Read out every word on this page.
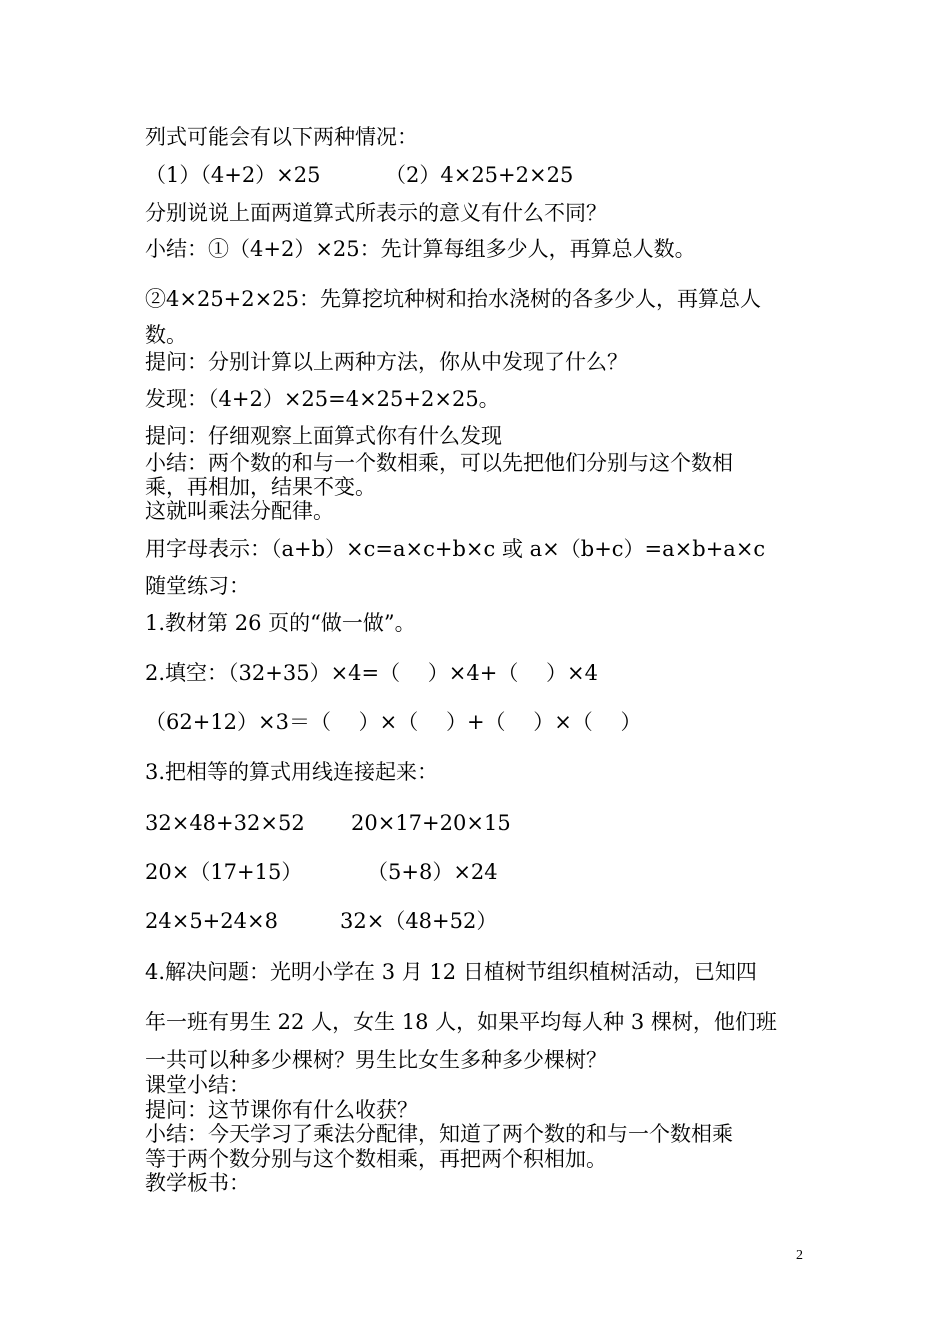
列式可能会有以下两种情况：

（1）（4+2）×25	（2）4×25+2×25

分别说说上面两道算式所表示的意义有什么不同？

小结：①（4+2）×25：先计算每组多少人，再算总人数。

②4×25+2×25：先算挖坑种树和抬水浇树的各多少人，再算总人

数。

提问：分别计算以上两种方法，你从中发现了什么？

发现：（4+2）×25=4×25+2×25。

提问：仔细观察上面算式你有什么发现

小结：两个数的和与一个数相乘，可以先把他们分别与这个数相

乘，再相加，结果不变。

这就叫乘法分配律。

用字母表示：（a+b）×c=a×c+b×c 或 a×（b+c）=a×b+a×c

随堂练习：

1.教材第 26 页的“做一做”。

2.填空：（32+35）×4=（　 ）×4+（　 ）×4

（62+12）×3＝（　 ）×（　 ）+（　 ）×（　 ）

3.把相等的算式用线连接起来：

32×48+32×52 20×17+20×15

20×（17+15）	（5+8）×24

24×5+24×8	32×（48+52）

4.解决问题：光明小学在 3 月 12 日植树节组织植树活动，已知四

年一班有男生 22 人，女生 18 人，如果平均每人种 3 棵树，他们班

一共可以种多少棵树？男生比女生多种多少棵树？

课堂小结：

提问：这节课你有什么收获？

小结：今天学习了乘法分配律，知道了两个数的和与一个数相乘

等于两个数分别与这个数相乘，再把两个积相加。

教学板书：

2
